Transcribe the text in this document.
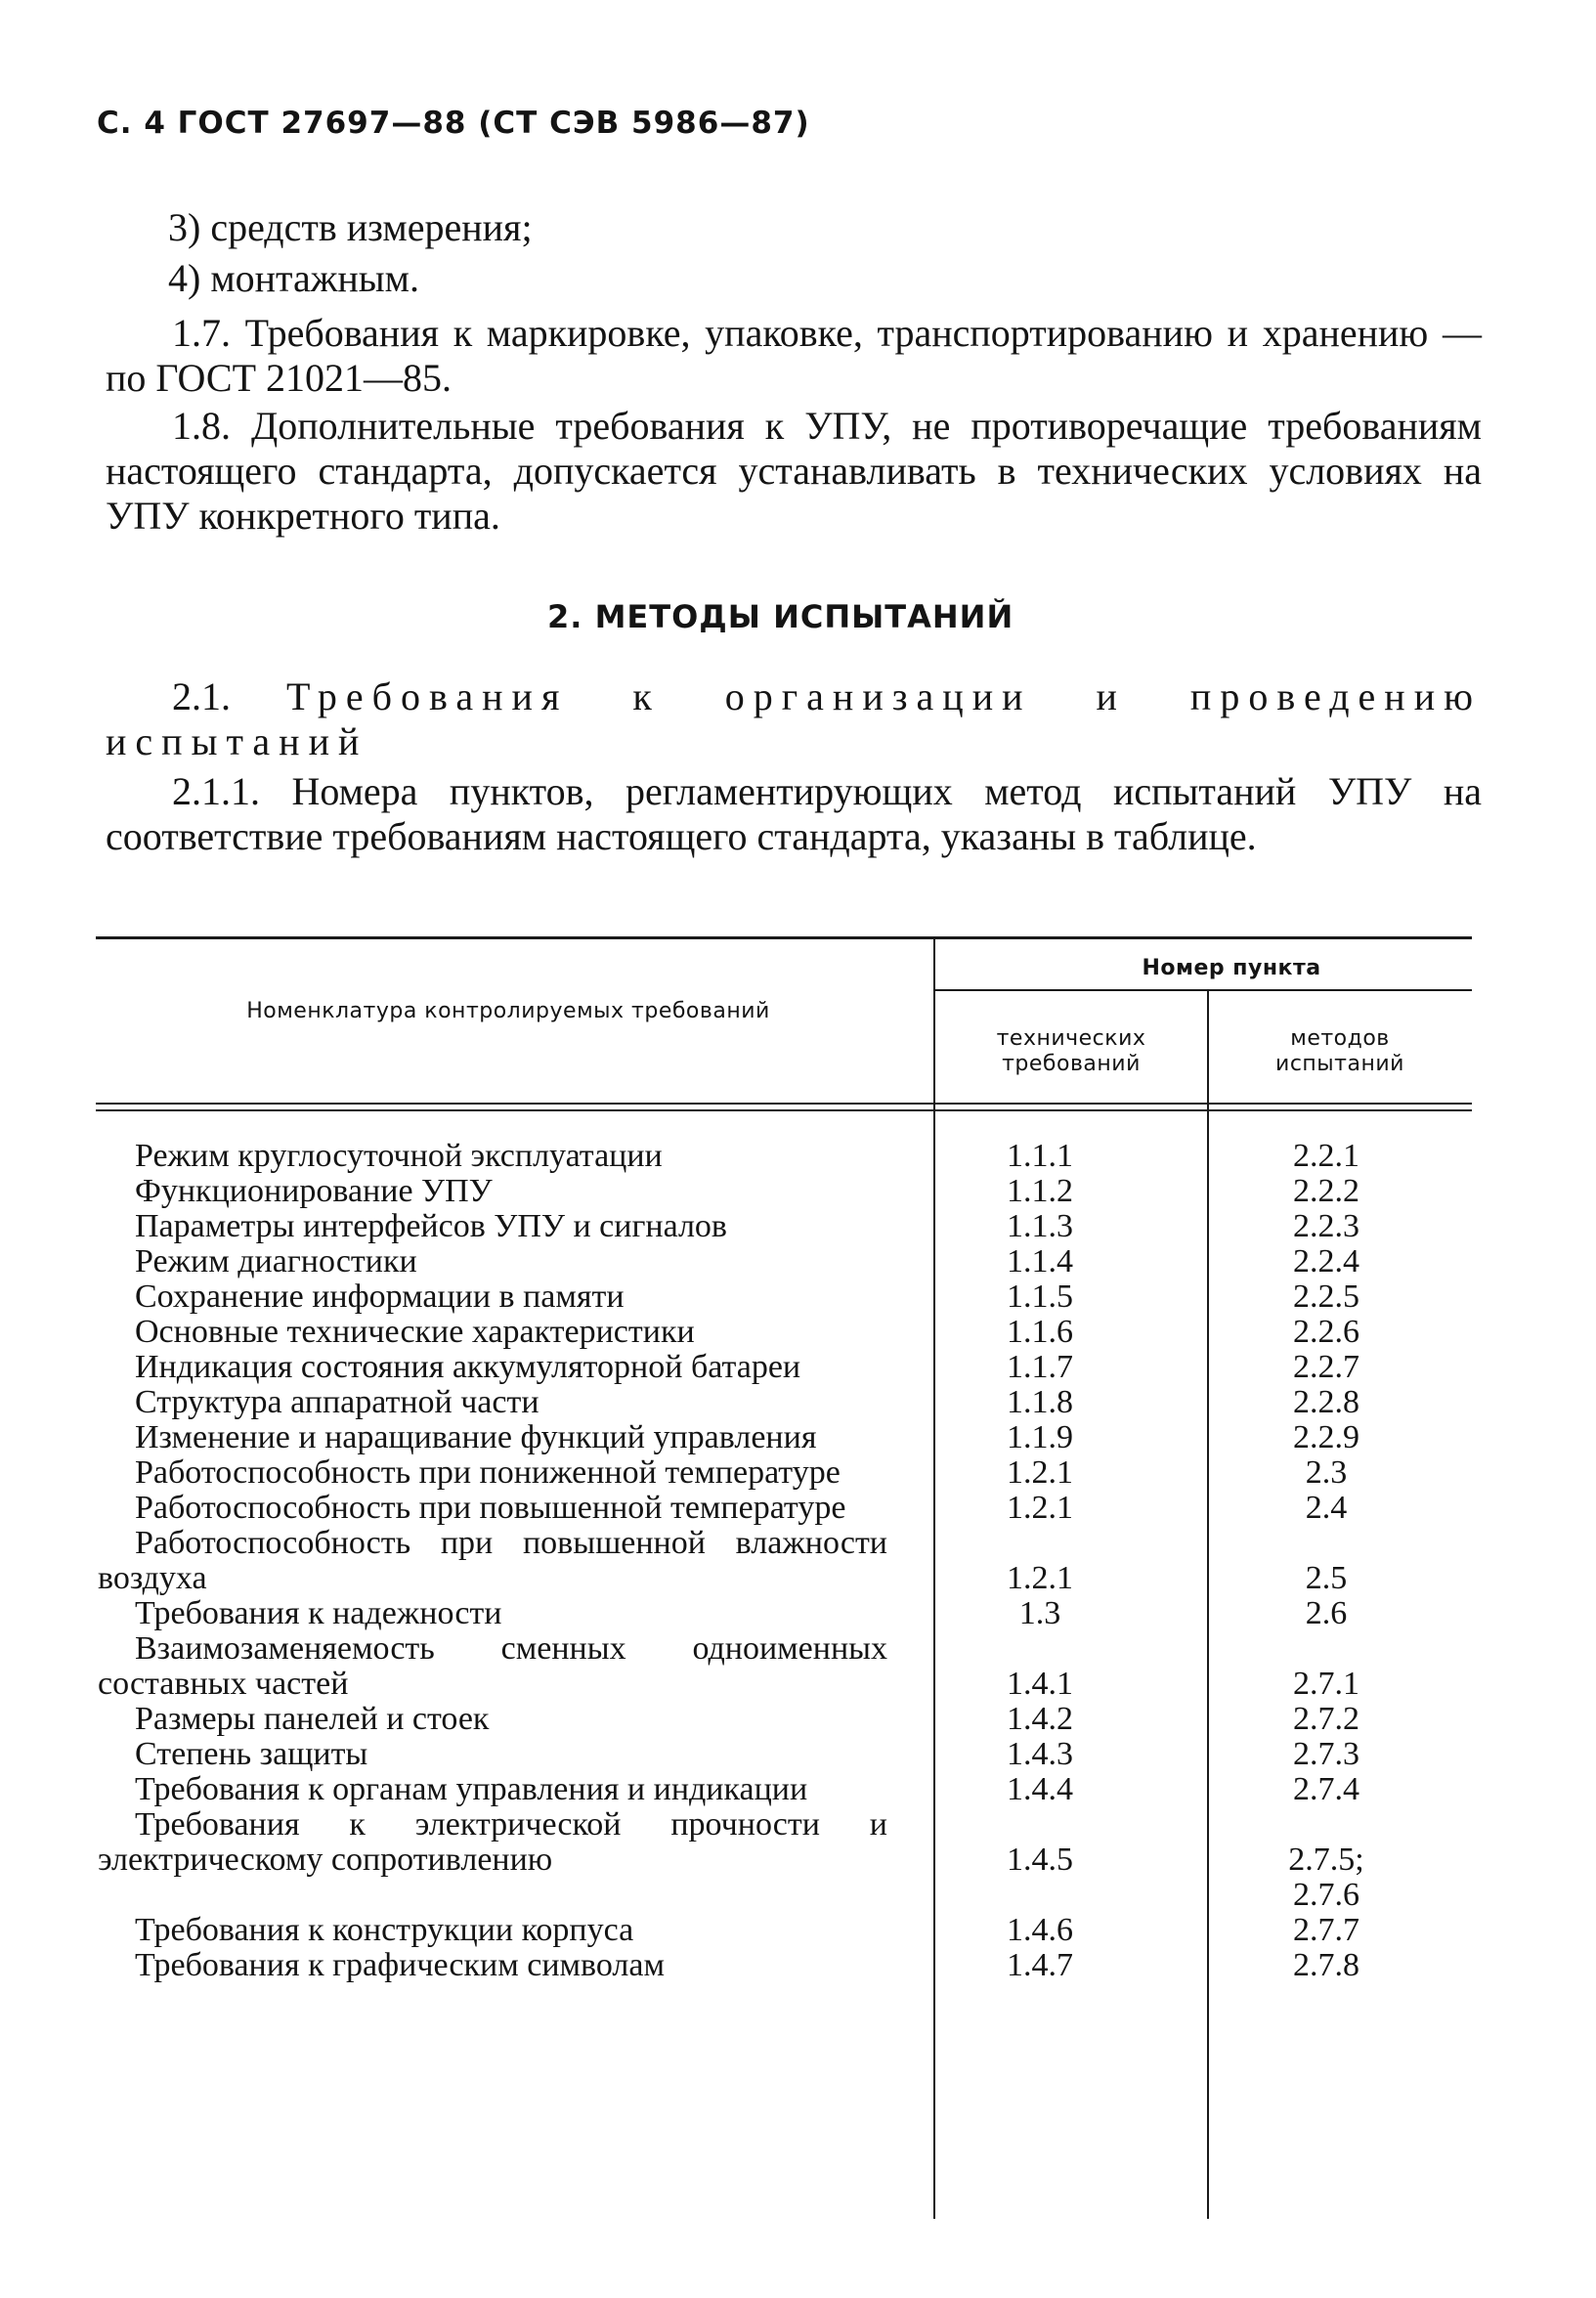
С. 4 ГОСТ 27697—88 (СТ СЭВ 5986—87)
3) средств измерения;
4) монтажным.
1.7. Требования к маркировке, упаковке, транспортированию и хранению — по ГОСТ 21021—85.
1.8. Дополнительные требования к УПУ, не противоречащие требованиям настоящего стандарта, допускается устанавливать в технических условиях на УПУ конкретного типа.
2. МЕТОДЫ ИСПЫТАНИЙ
2.1. Требования к организации и проведению испытаний
2.1.1. Номера пунктов, регламентирующих метод испытаний УПУ на соответствие требованиям настоящего стандарта, указаны в таблице.
Номенклатура контролируемых требований
Номер пункта
технических требований
методов испытаний
Режим круглосуточной эксплуатации	1.1.1	2.2.1
Функционирование УПУ	1.1.2	2.2.2
Параметры интерфейсов УПУ и сигналов	1.1.3	2.2.3
Режим диагностики	1.1.4	2.2.4
Сохранение информации в памяти	1.1.5	2.2.5
Основные технические характеристики	1.1.6	2.2.6
Индикация состояния аккумуляторной батареи	1.1.7	2.2.7
Структура аппаратной части	1.1.8	2.2.8
Изменение и наращивание функций управления	1.1.9	2.2.9
Работоспособность при пониженной температуре	1.2.1	2.3
Работоспособность при повышенной температуре	1.2.1	2.4
Работоспособность при повышенной влажности воздуха	1.2.1	2.5
Требования к надежности	1.3	2.6
Взаимозаменяемость сменных одноименных составных частей	1.4.1	2.7.1
Размеры панелей и стоек	1.4.2	2.7.2
Степень защиты	1.4.3	2.7.3
Требования к органам управления и индикации	1.4.4	2.7.4
Требования к электрической прочности и электрическому сопротивлению	1.4.5	2.7.5;
2.7.6
Требования к конструкции корпуса	1.4.6	2.7.7
Требования к графическим символам	1.4.7	2.7.8
